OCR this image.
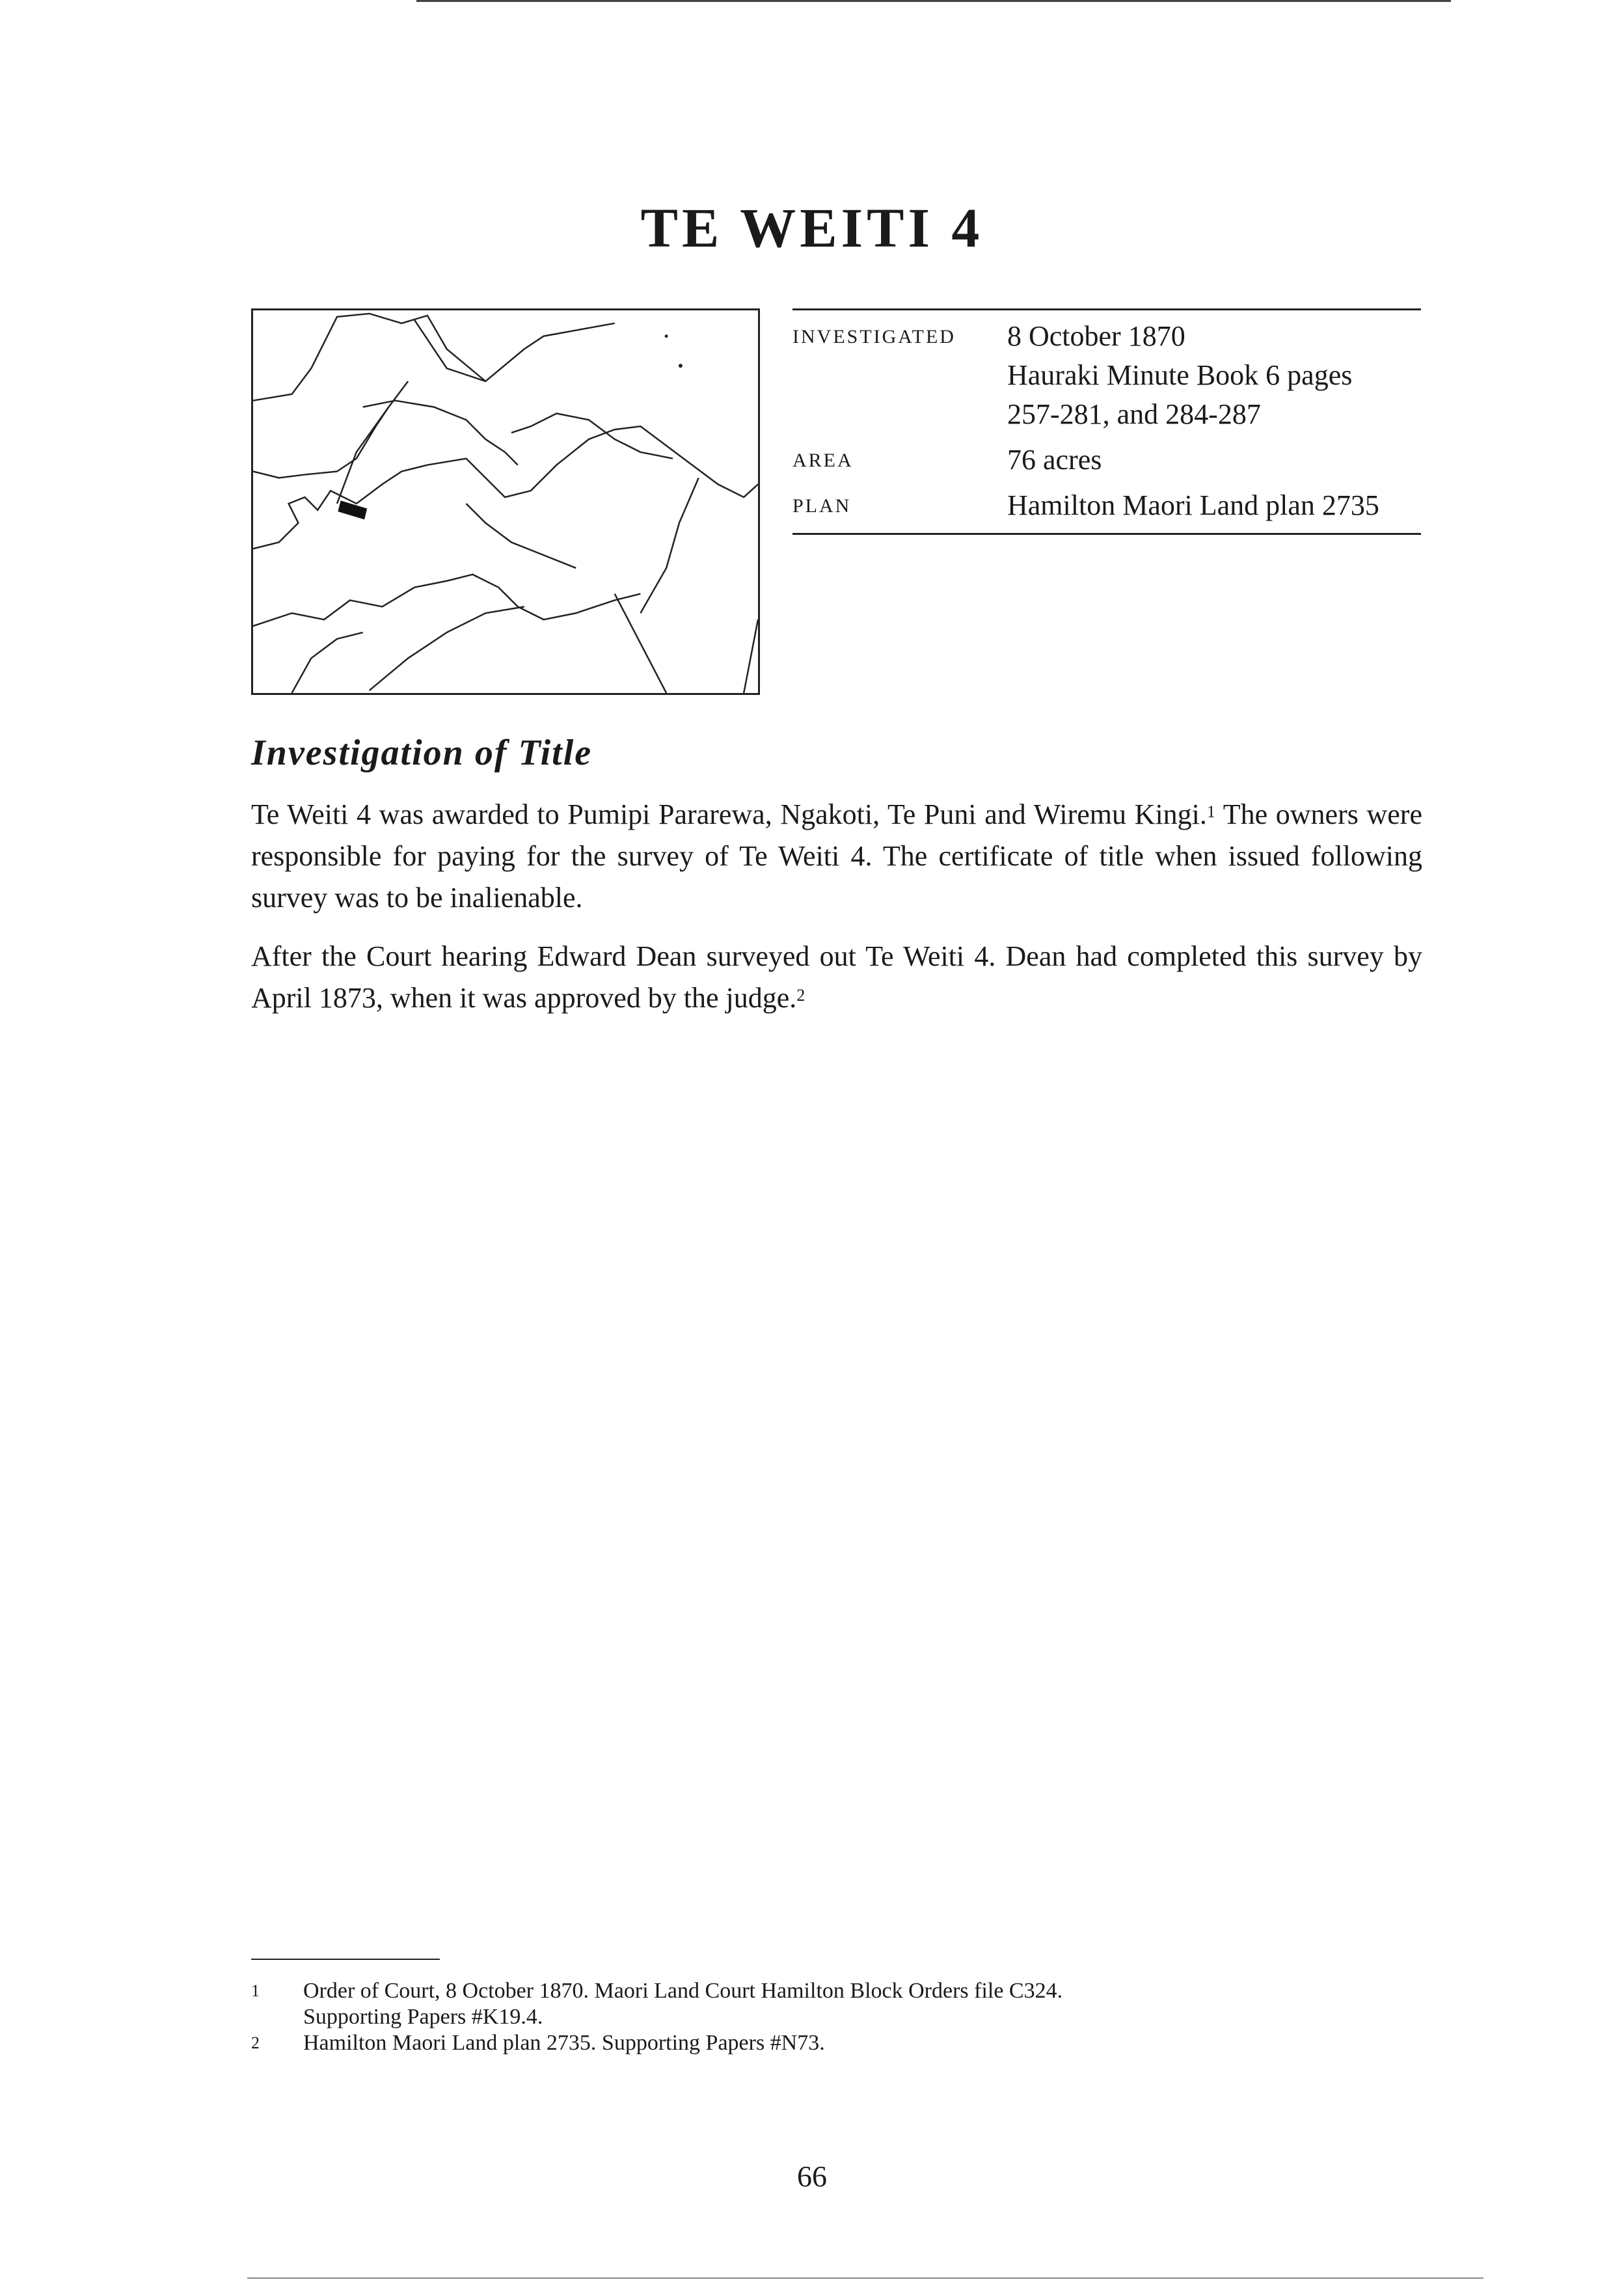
TE WEITI 4
INVESTIGATED	8 October 1870
Hauraki Minute Book 6 pages
257-281, and 284-287
AREA	76 acres
PLAN	Hamilton Maori Land plan 2735
Investigation of Title

Te Weiti 4 was awarded to Pumipi Pararewa, Ngakoti, Te Puni and Wiremu Kingi.$^1$ The owners were responsible for paying for the survey of Te Weiti 4. The certificate of title when issued following survey was to be inalienable.

After the Court hearing Edward Dean surveyed out Te Weiti 4. Dean had completed this survey by April 1873, when it was approved by the judge.$^2$

1	Order of Court, 8 October 1870. Maori Land Court Hamilton Block Orders file C324.
Supporting Papers #K19.4.
2	Hamilton Maori Land plan 2735. Supporting Papers #N73.
66
